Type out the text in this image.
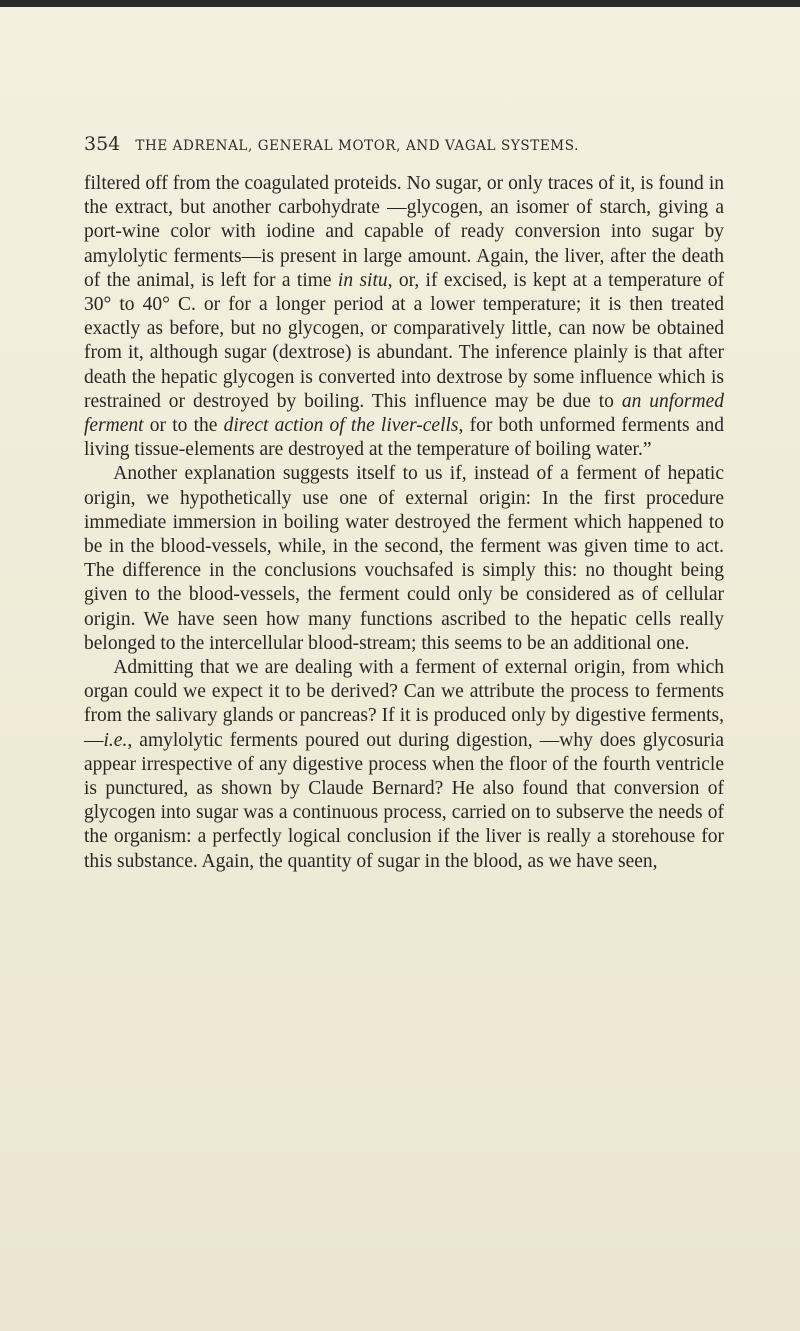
354 THE ADRENAL, GENERAL MOTOR, AND VAGAL SYSTEMS.

filtered off from the coagulated proteids. No sugar, or only traces of it, is found in the extract, but another carbohydrate —glycogen, an isomer of starch, giving a port-wine color with iodine and capable of ready conversion into sugar by amylolytic ferments—is present in large amount. Again, the liver, after the death of the animal, is left for a time in situ, or, if excised, is kept at a temperature of 30° to 40° C. or for a longer period at a lower temperature; it is then treated exactly as before, but no glycogen, or comparatively little, can now be obtained from it, although sugar (dextrose) is abundant. The inference plainly is that after death the hepatic glycogen is converted into dextrose by some influence which is restrained or destroyed by boiling. This influence may be due to an unformed ferment or to the direct action of the liver-cells, for both unformed ferments and living tissue-elements are destroyed at the temperature of boiling water.”

Another explanation suggests itself to us if, instead of a ferment of hepatic origin, we hypothetically use one of external origin: In the first procedure immediate immersion in boiling water destroyed the ferment which happened to be in the blood-vessels, while, in the second, the ferment was given time to act. The difference in the conclusions vouchsafed is simply this: no thought being given to the blood-vessels, the ferment could only be considered as of cellular origin. We have seen how many functions ascribed to the hepatic cells really belonged to the intercellular blood-stream; this seems to be an additional one.

Admitting that we are dealing with a ferment of external origin, from which organ could we expect it to be derived? Can we attribute the process to ferments from the salivary glands or pancreas? If it is produced only by digestive ferments,—i.e., amylolytic ferments poured out during digestion, —why does glycosuria appear irrespective of any digestive process when the floor of the fourth ventricle is punctured, as shown by Claude Bernard? He also found that conversion of glycogen into sugar was a continuous process, carried on to subserve the needs of the organism: a perfectly logical conclusion if the liver is really a storehouse for this substance. Again, the quantity of sugar in the blood, as we have seen,
